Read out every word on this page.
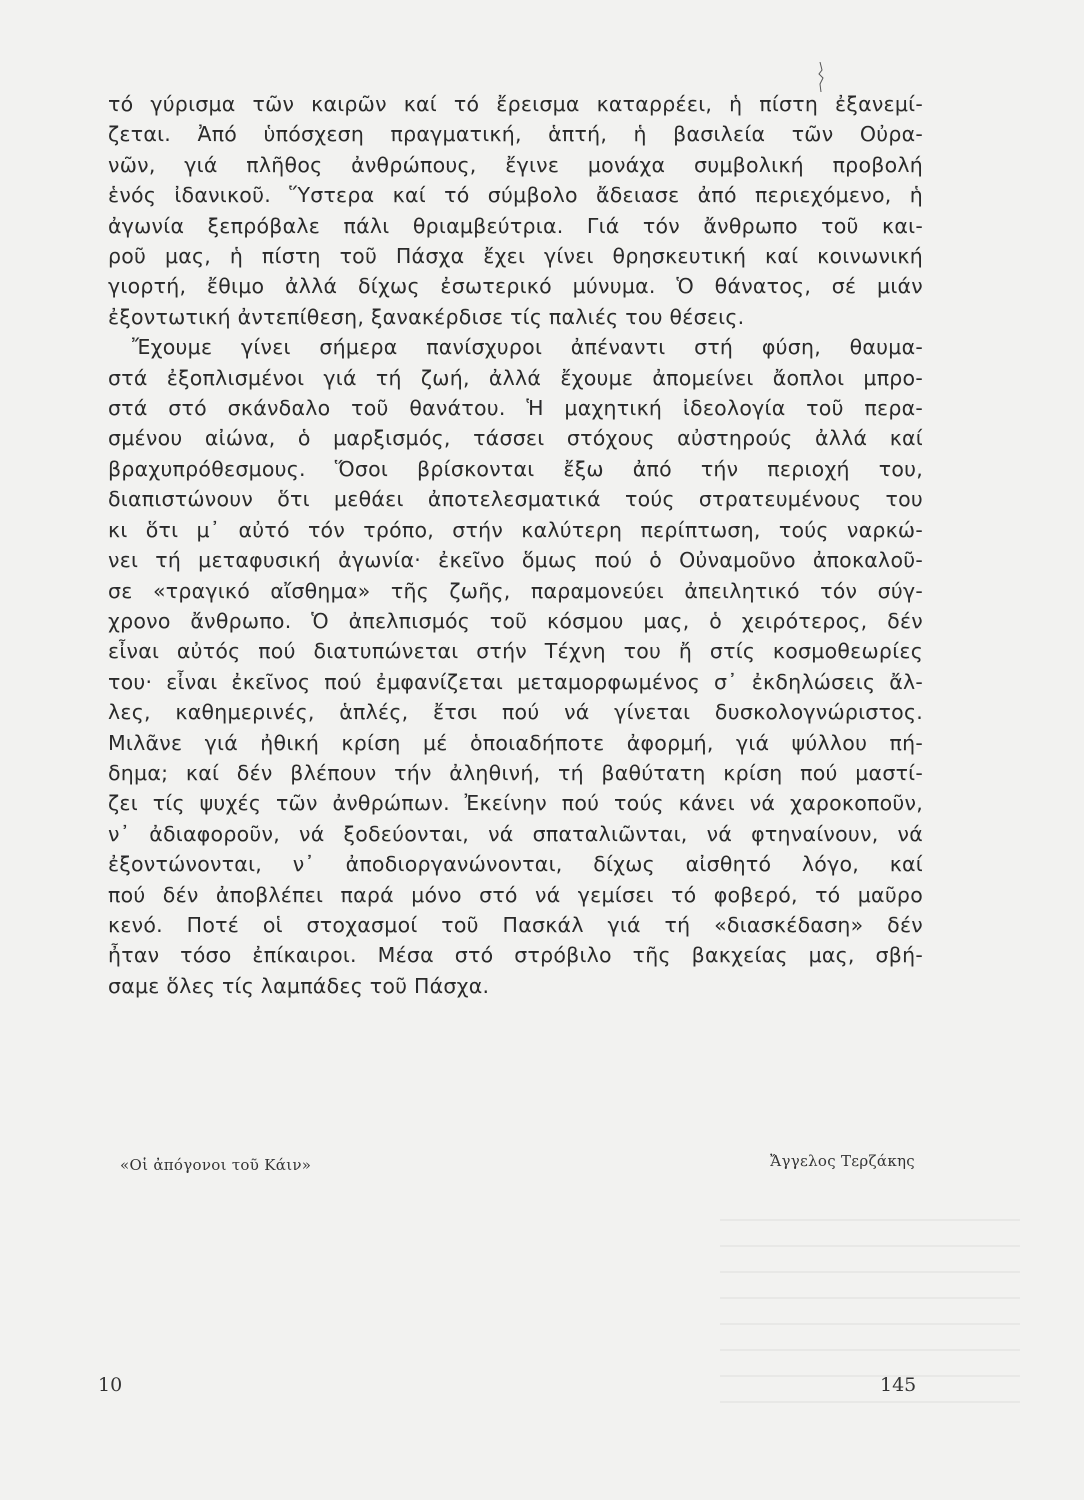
τό γύρισμα τῶν καιρῶν καί τό ἔρεισμα καταρρέει, ἡ πίστη ἐξανεμί-
ζεται. Ἀπό ὑπόσχεση πραγματική, ἁπτή, ἡ βασιλεία τῶν Οὐρα-
νῶν, γιά πλῆθος ἀνθρώπους, ἔγινε μονάχα συμβολική προβολή
ἑνός ἰδανικοῦ. Ὕστερα καί τό σύμβολο ἄδειασε ἀπό περιεχόμενο, ἡ
ἀγωνία ξεπρόβαλε πάλι θριαμβεύτρια. Γιά τόν ἄνθρωπο τοῦ και-
ροῦ μας, ἡ πίστη τοῦ Πάσχα ἔχει γίνει θρησκευτική καί κοινωνική
γιορτή, ἔθιμο ἀλλά δίχως ἐσωτερικό μύνυμα. Ὁ θάνατος, σέ μιάν
ἐξοντωτική ἀντεπίθεση, ξανακέρδισε τίς παλιές του θέσεις.

Ἔχουμε γίνει σήμερα πανίσχυροι ἀπέναντι στή φύση, θαυμα-
στά ἐξοπλισμένοι γιά τή ζωή, ἀλλά ἔχουμε ἀπομείνει ἄοπλοι μπρο-
στά στό σκάνδαλο τοῦ θανάτου. Ἡ μαχητική ἰδεολογία τοῦ περα-
σμένου αἰώνα, ὁ μαρξισμός, τάσσει στόχους αὐστηρούς ἀλλά καί
βραχυπρόθεσμους. Ὅσοι βρίσκονται ἔξω ἀπό τήν περιοχή του,
διαπιστώνουν ὅτι μεθάει ἀποτελεσματικά τούς στρατευμένους του
κι ὅτι μ᾽ αὐτό τόν τρόπο, στήν καλύτερη περίπτωση, τούς ναρκώ-
νει τή μεταφυσική ἀγωνία· ἐκεῖνο ὅμως πού ὁ Οὐναμοῦνο ἀποκαλοῦ-
σε «τραγικό αἴσθημα» τῆς ζωῆς, παραμονεύει ἀπειλητικό τόν σύγ-
χρονο ἄνθρωπο. Ὁ ἀπελπισμός τοῦ κόσμου μας, ὁ χειρότερος, δέν
εἶναι αὐτός πού διατυπώνεται στήν Τέχνη του ἤ στίς κοσμοθεωρίες
του· εἶναι ἐκεῖνος πού ἐμφανίζεται μεταμορφωμένος σ᾽ ἐκδηλώσεις ἄλ-
λες, καθημερινές, ἁπλές, ἔτσι πού νά γίνεται δυσκολογνώριστος.
Μιλᾶνε γιά ἠθική κρίση μέ ὁποιαδήποτε ἀφορμή, γιά ψύλλου πή-
δημα; καί δέν βλέπουν τήν ἀληθινή, τή βαθύτατη κρίση πού μαστί-
ζει τίς ψυχές τῶν ἀνθρώπων. Ἐκείνην πού τούς κάνει νά χαροκοποῦν,
ν᾽ ἀδιαφοροῦν, νά ξοδεύονται, νά σπαταλιῶνται, νά φτηναίνουν, νά
ἐξοντώνονται, ν᾽ ἀποδιοργανώνονται, δίχως αἰσθητό λόγο, καί
πού δέν ἀποβλέπει παρά μόνο στό νά γεμίσει τό φοβερό, τό μαῦρο
κενό. Ποτέ οἱ στοχασμοί τοῦ Πασκάλ γιά τή «διασκέδαση» δέν
ἦταν τόσο ἐπίκαιροι. Μέσα στό στρόβιλο τῆς βακχείας μας, σβή-
σαμε ὅλες τίς λαμπάδες τοῦ Πάσχα.

«Οἱ ἀπόγονοι τοῦ Κάιν»	Ἄγγελος Τερζάκης
10	145
